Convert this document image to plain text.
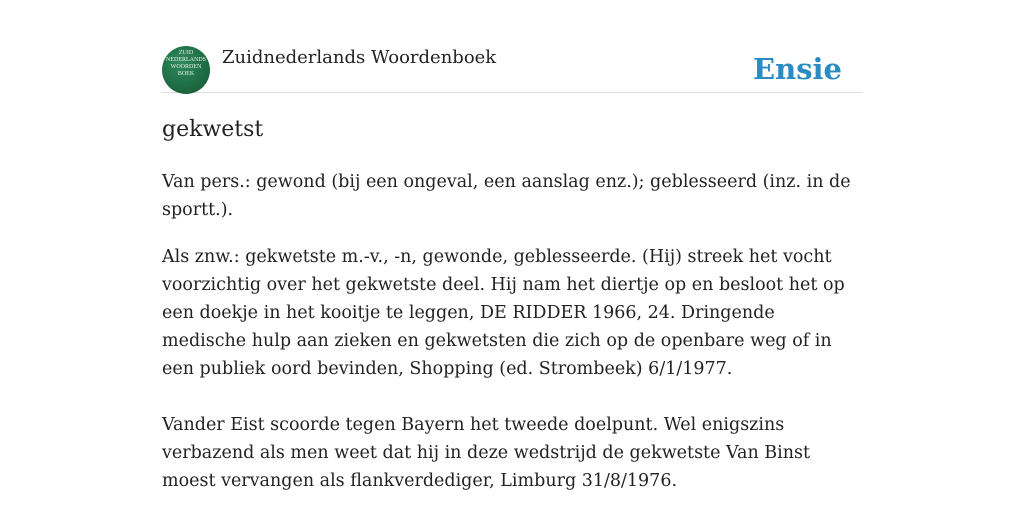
ZUID
NEDERLANDS
WOORDEN
BOEK
Zuidnederlands Woordenboek	Ensie
gekwetst

Van pers.: gewond (bij een ongeval, een aanslag enz.); geblesseerd (inz. in de sportt.).

Als znw.: gekwetste m.-v., -n, gewonde, geblesseerde. (Hij) streek het vocht voorzichtig over het gekwetste deel. Hij nam het diertje op en besloot het op een doekje in het kooitje te leggen, DE RIDDER 1966, 24. Dringende medische hulp aan zieken en gekwetsten die zich op de openbare weg of in een publiek oord bevinden, Shopping (ed. Strombeek) 6/1/1977.

Vander Eist scoorde tegen Bayern het tweede doelpunt. Wel enigszins verbazend als men weet dat hij in deze wedstrijd de gekwetste Van Binst moest vervangen als flankverdediger, Limburg 31/8/1976.
